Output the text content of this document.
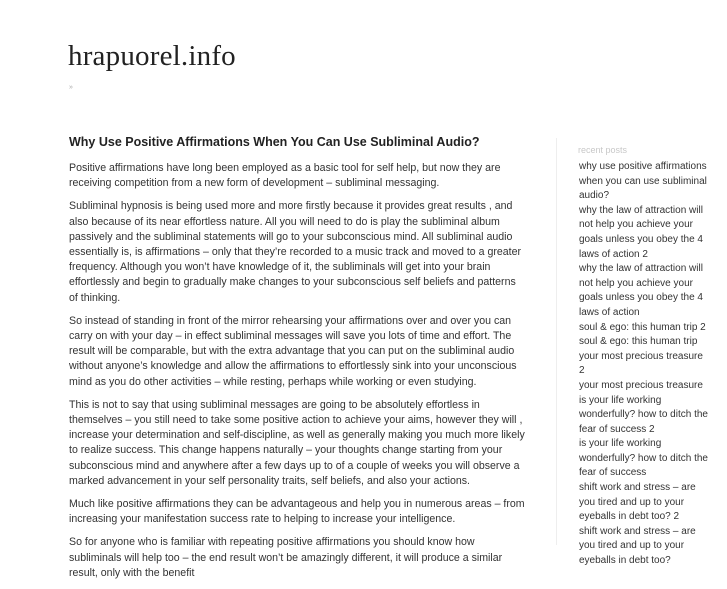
hrapuorel.info
»
Why Use Positive Affirmations When You Can Use Subliminal Audio?

Positive affirmations have long been employed as a basic tool for self help, but now they are receiving competition from a new form of development – subliminal messaging.

Subliminal hypnosis is being used more and more firstly because it provides great results , and also because of its near effortless nature. All you will need to do is play the subliminal album passively and the subliminal statements will go to your subconscious mind. All subliminal audio essentially is, is affirmations – only that they’re recorded to a music track and moved to a greater frequency. Although you won’t have knowledge of it, the subliminals will get into your brain effortlessly and begin to gradually make changes to your subconscious self beliefs and patterns of thinking.

So instead of standing in front of the mirror rehearsing your affirmations over and over you can carry on with your day – in effect subliminal messages will save you lots of time and effort. The result will be comparable, but with the extra advantage that you can put on the subliminal audio without anyone’s knowledge and allow the affirmations to effortlessly sink into your unconscious mind as you do other activities – while resting, perhaps while working or even studying.

This is not to say that using subliminal messages are going to be absolutely effortless in themselves – you still need to take some positive action to achieve your aims, however they will , increase your determination and self-discipline, as well as generally making you much more likely to realize success. This change happens naturally – your thoughts change starting from your subconscious mind and anywhere after a few days up to of a couple of weeks you will observe a marked advancement in your self personality traits, self beliefs, and also your actions.

Much like positive affirmations they can be advantageous and help you in numerous areas – from increasing your manifestation success rate to helping to increase your intelligence.

So for anyone who is familiar with repeating positive affirmations you should know how subliminals will help too – the end result won’t be amazingly different, it will produce a similar result, only with the benefit

recent posts
why use positive affirmations when you can use subliminal audio?
why the law of attraction will not help you achieve your goals unless you obey the 4 laws of action 2
why the law of attraction will not help you achieve your goals unless you obey the 4 laws of action
soul & ego: this human trip 2
soul & ego: this human trip
your most precious treasure 2
your most precious treasure
is your life working wonderfully? how to ditch the fear of success 2
is your life working wonderfully? how to ditch the fear of success
shift work and stress – are you tired and up to your eyeballs in debt too? 2
shift work and stress – are you tired and up to your eyeballs in debt too?
